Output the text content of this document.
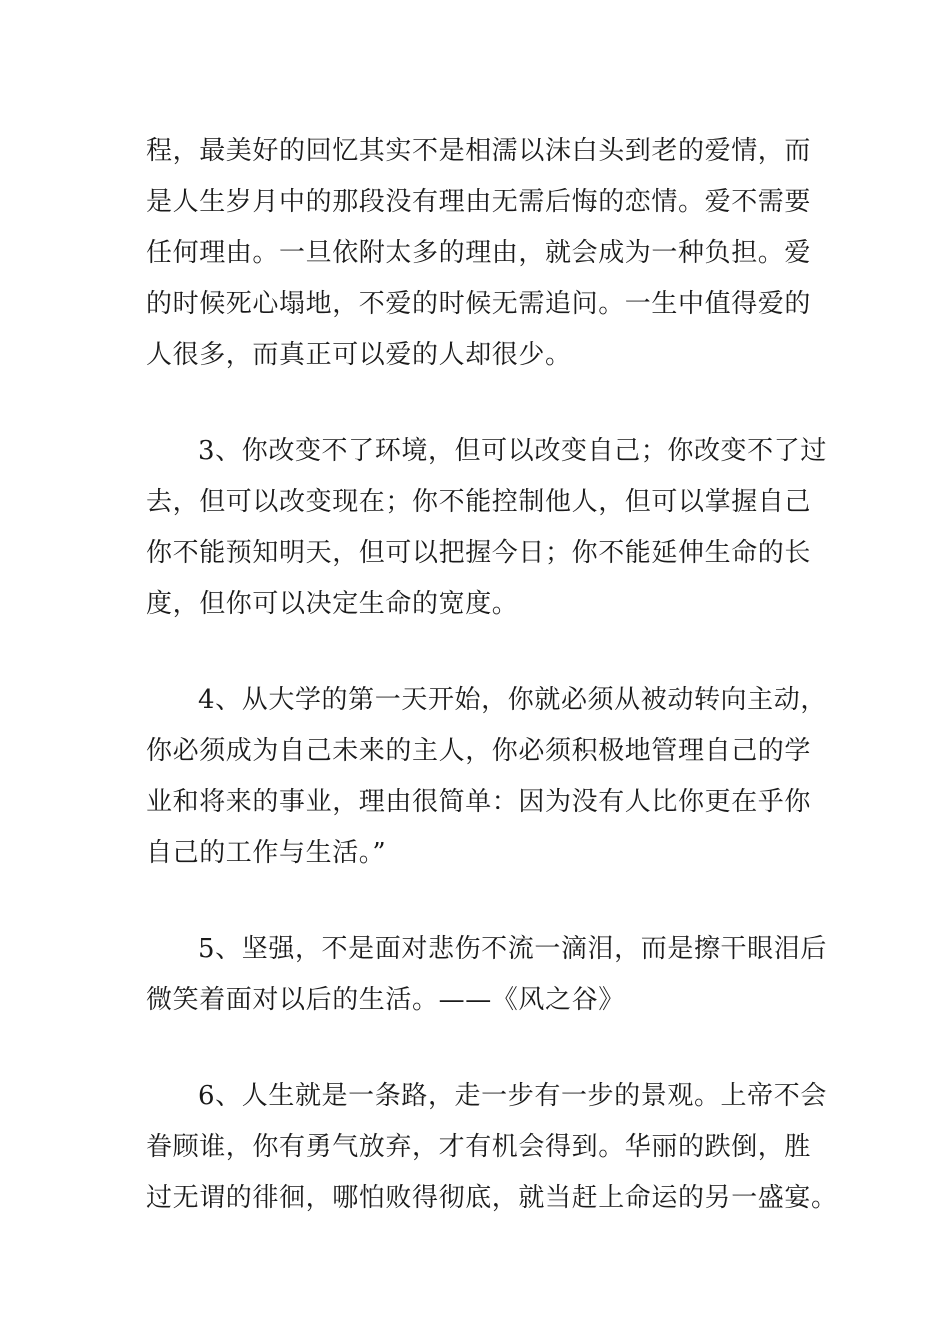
程，最美好的回忆其实不是相濡以沫白头到老的爱情，而
是人生岁月中的那段没有理由无需后悔的恋情。爱不需要
任何理由。一旦依附太多的理由，就会成为一种负担。爱
的时候死心塌地，不爱的时候无需追问。一生中值得爱的
人很多，而真正可以爱的人却很少。
3、你改变不了环境，但可以改变自己；你改变不了过
去，但可以改变现在；你不能控制他人，但可以掌握自己
你不能预知明天，但可以把握今日；你不能延伸生命的长
度，但你可以决定生命的宽度。
4、从大学的第一天开始，你就必须从被动转向主动，
你必须成为自己未来的主人，你必须积极地管理自己的学
业和将来的事业，理由很简单：因为没有人比你更在乎你
自己的工作与生活。”
5、坚强，不是面对悲伤不流一滴泪，而是擦干眼泪后
微笑着面对以后的生活。——《风之谷》
6、人生就是一条路，走一步有一步的景观。上帝不会
眷顾谁，你有勇气放弃，才有机会得到。华丽的跌倒，胜
过无谓的徘徊，哪怕败得彻底，就当赶上命运的另一盛宴。
